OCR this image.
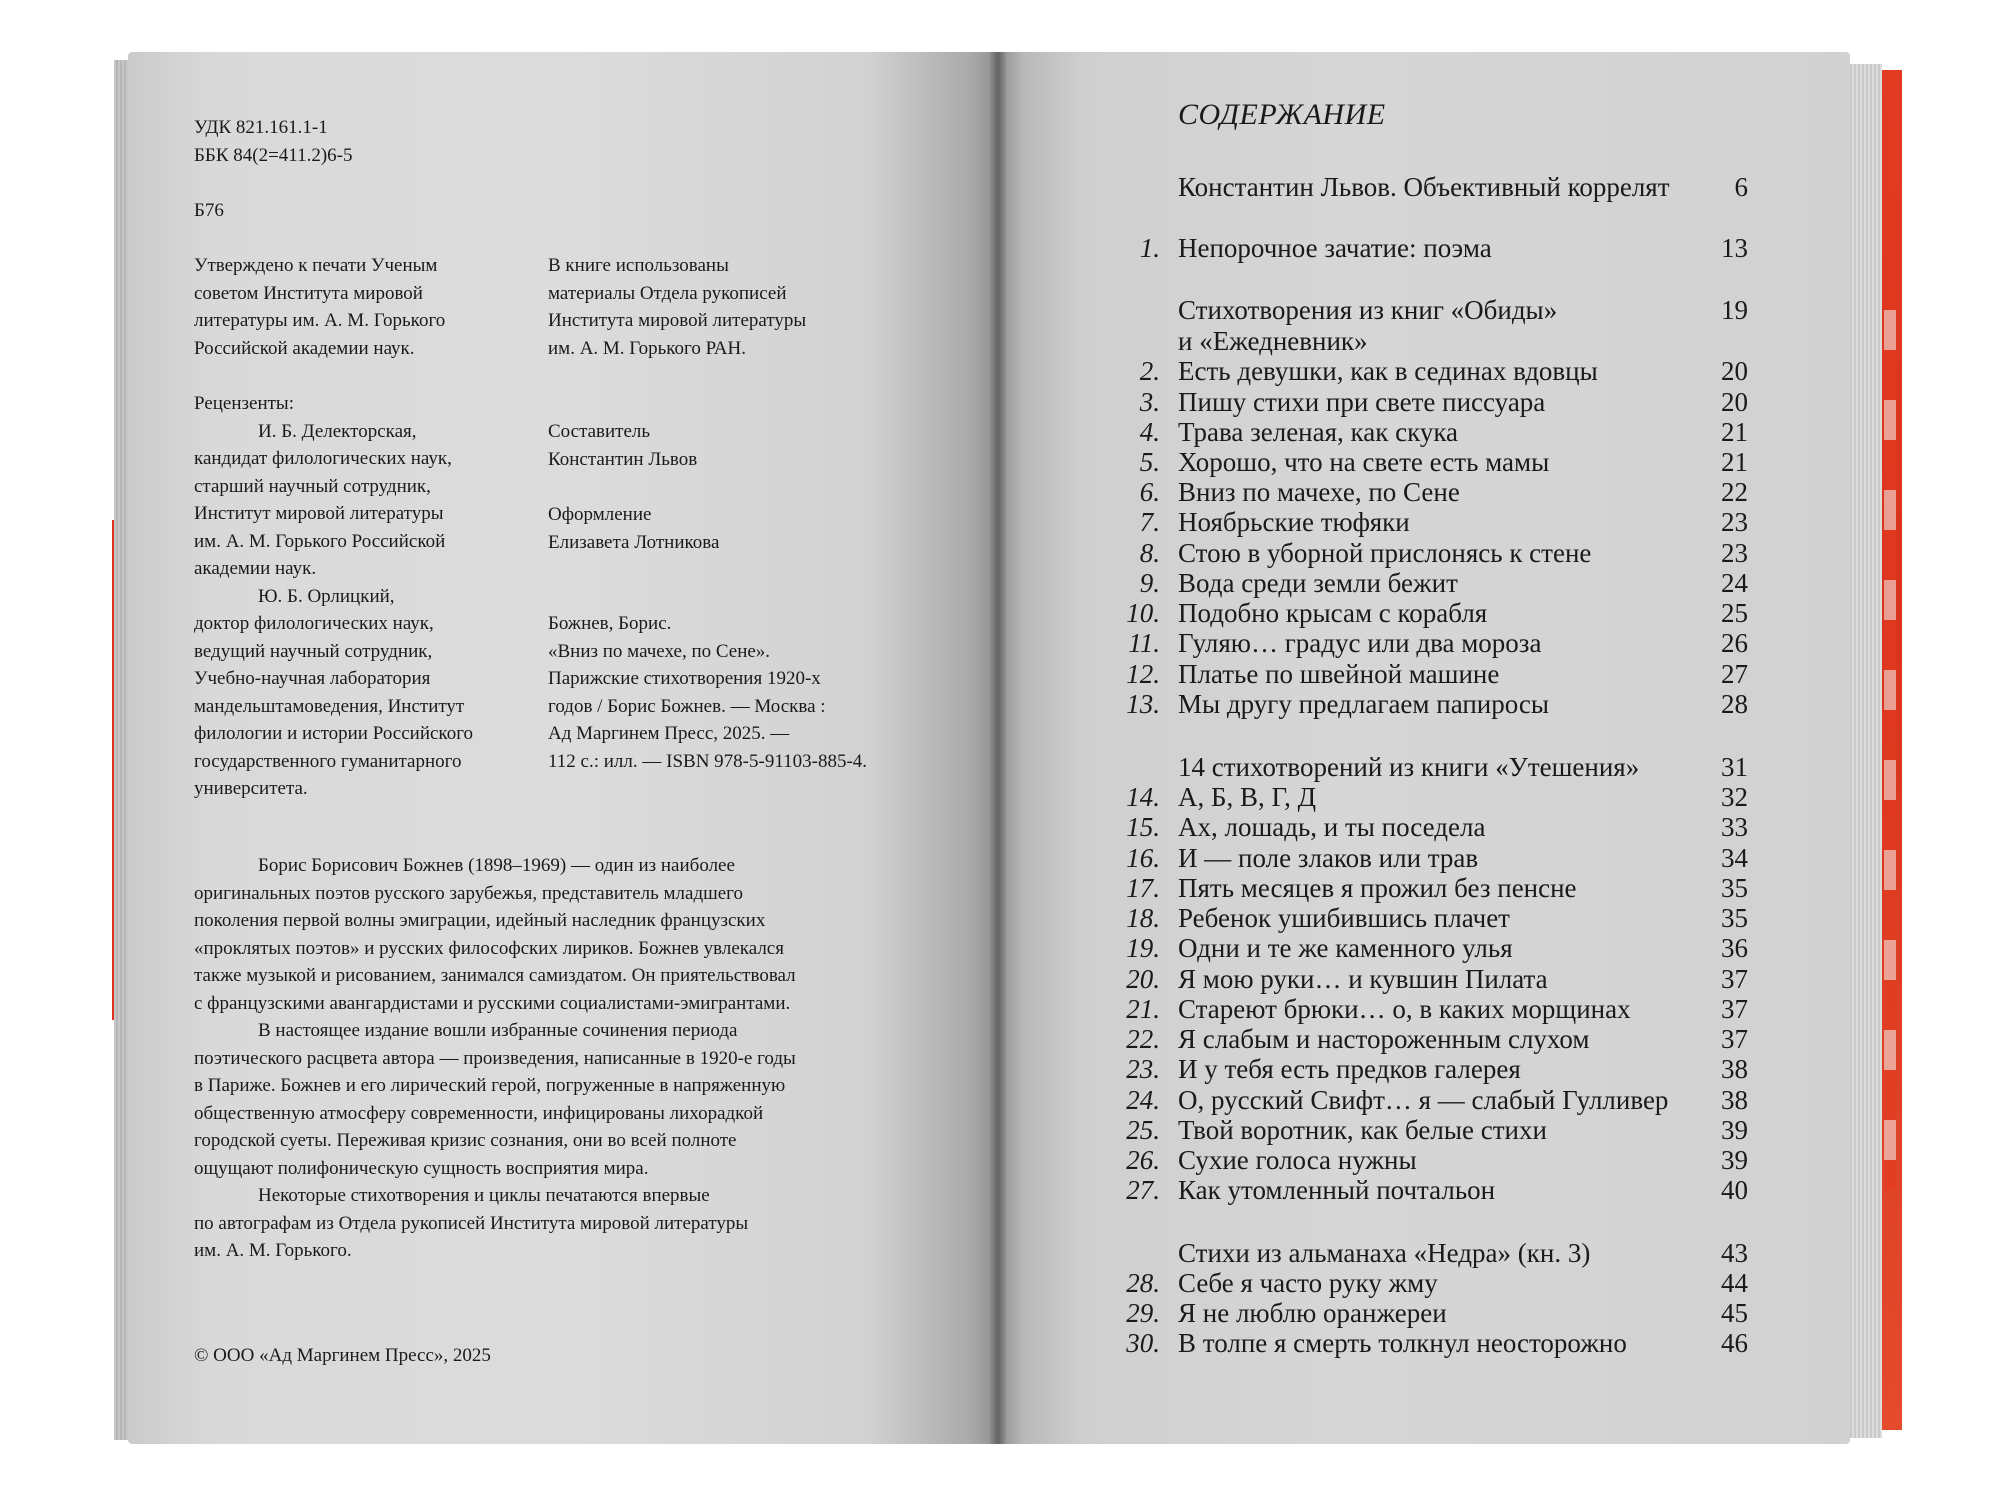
УДК 821.161.1-1
ББК 84(2=411.2)6-5
Б76
Утверждено к печати Ученым
советом Института мировой
литературы им. А. М. Горького
Российской академии наук.
В книге использованы
материалы Отдела рукописей
Института мировой литературы
им. А. М. Горького РАН.
Рецензенты:
И. Б. Делекторская,
кандидат филологических наук,
старший научный сотрудник,
Институт мировой литературы
им. А. М. Горького Российской
академии наук.
Ю. Б. Орлицкий,
доктор филологических наук,
ведущий научный сотрудник,
Учебно-научная лаборатория
мандельштамоведения, Институт
филологии и истории Российского
государственного гуманитарного
университета.
Составитель
Константин Львов
Оформление
Елизавета Лотникова
Божнев, Борис.
«Вниз по мачехе, по Сене».
Парижские стихотворения 1920-х
годов / Борис Божнев. — Москва :
Ад Маргинем Пресс, 2025. —
112 с.: илл. — ISBN 978-5-91103-885-4.
Борис Борисович Божнев (1898–1969) — один из наиболее
оригинальных поэтов русского зарубежья, представитель младшего
поколения первой волны эмиграции, идейный наследник французских
«проклятых поэтов» и русских философских лириков. Божнев увлекался
также музыкой и рисованием, занимался самиздатом. Он приятельствовал
с французскими авангардистами и русскими социалистами-эмигрантами.
В настоящее издание вошли избранные сочинения периода
поэтического расцвета автора — произведения, написанные в 1920-е годы
в Париже. Божнев и его лирический герой, погруженные в напряженную
общественную атмосферу современности, инфицированы лихорадкой
городской суеты. Переживая кризис сознания, они во всей полноте
ощущают полифоническую сущность восприятия мира.
Некоторые стихотворения и циклы печатаются впервые
по автографам из Отдела рукописей Института мировой литературы
им. А. М. Горького.
© ООО «Ад Маргинем Пресс», 2025
Константин Львов. Объективный коррелят 6
1. Непорочное зачатие: поэма	13
Стихотворения из книг «Обиды»	19
и «Ежедневник»
2. Есть девушки, как в сединах вдовцы	20
3. Пишу стихи при свете писсуара	20
4. Трава зеленая, как скука	21
5. Хорошо, что на свете есть мамы	21
6. Вниз по мачехе, по Сене	22
7. Ноябрьские тюфяки	23
8. Стою в уборной прислонясь к стене	23
9. Вода среди земли бежит	24
10. Подобно крысам с корабля	25
11. Гуляю… градус или два мороза	26
12. Платье по швейной машине	27
13. Мы другу предлагаем папиросы	28
14 стихотворений из книги «Утешения»	31
14. А, Б, В, Г, Д	32
15. Ах, лошадь, и ты поседела	33
16. И — поле злаков или трав	34
17. Пять месяцев я прожил без пенсне	35
18. Ребенок ушибившись плачет	35
19. Одни и те же каменного улья	36
20. Я мою руки… и кувшин Пилата	37
21. Стареют брюки… о, в каких морщинах	37
22. Я слабым и настороженным слухом	37
23. И у тебя есть предков галерея	38
24. О, русский Свифт… я — слабый Гулливер 38
25. Твой воротник, как белые стихи	39
26. Сухие голоса нужны	39
27. Как утомленный почтальон	40
Стихи из альманаха «Недра» (кн. 3)	43
28. Себе я часто руку жму	44
29. Я не люблю оранжереи	45
30. В толпе я смерть толкнул неосторожно	46
СОДЕРЖАНИЕ
